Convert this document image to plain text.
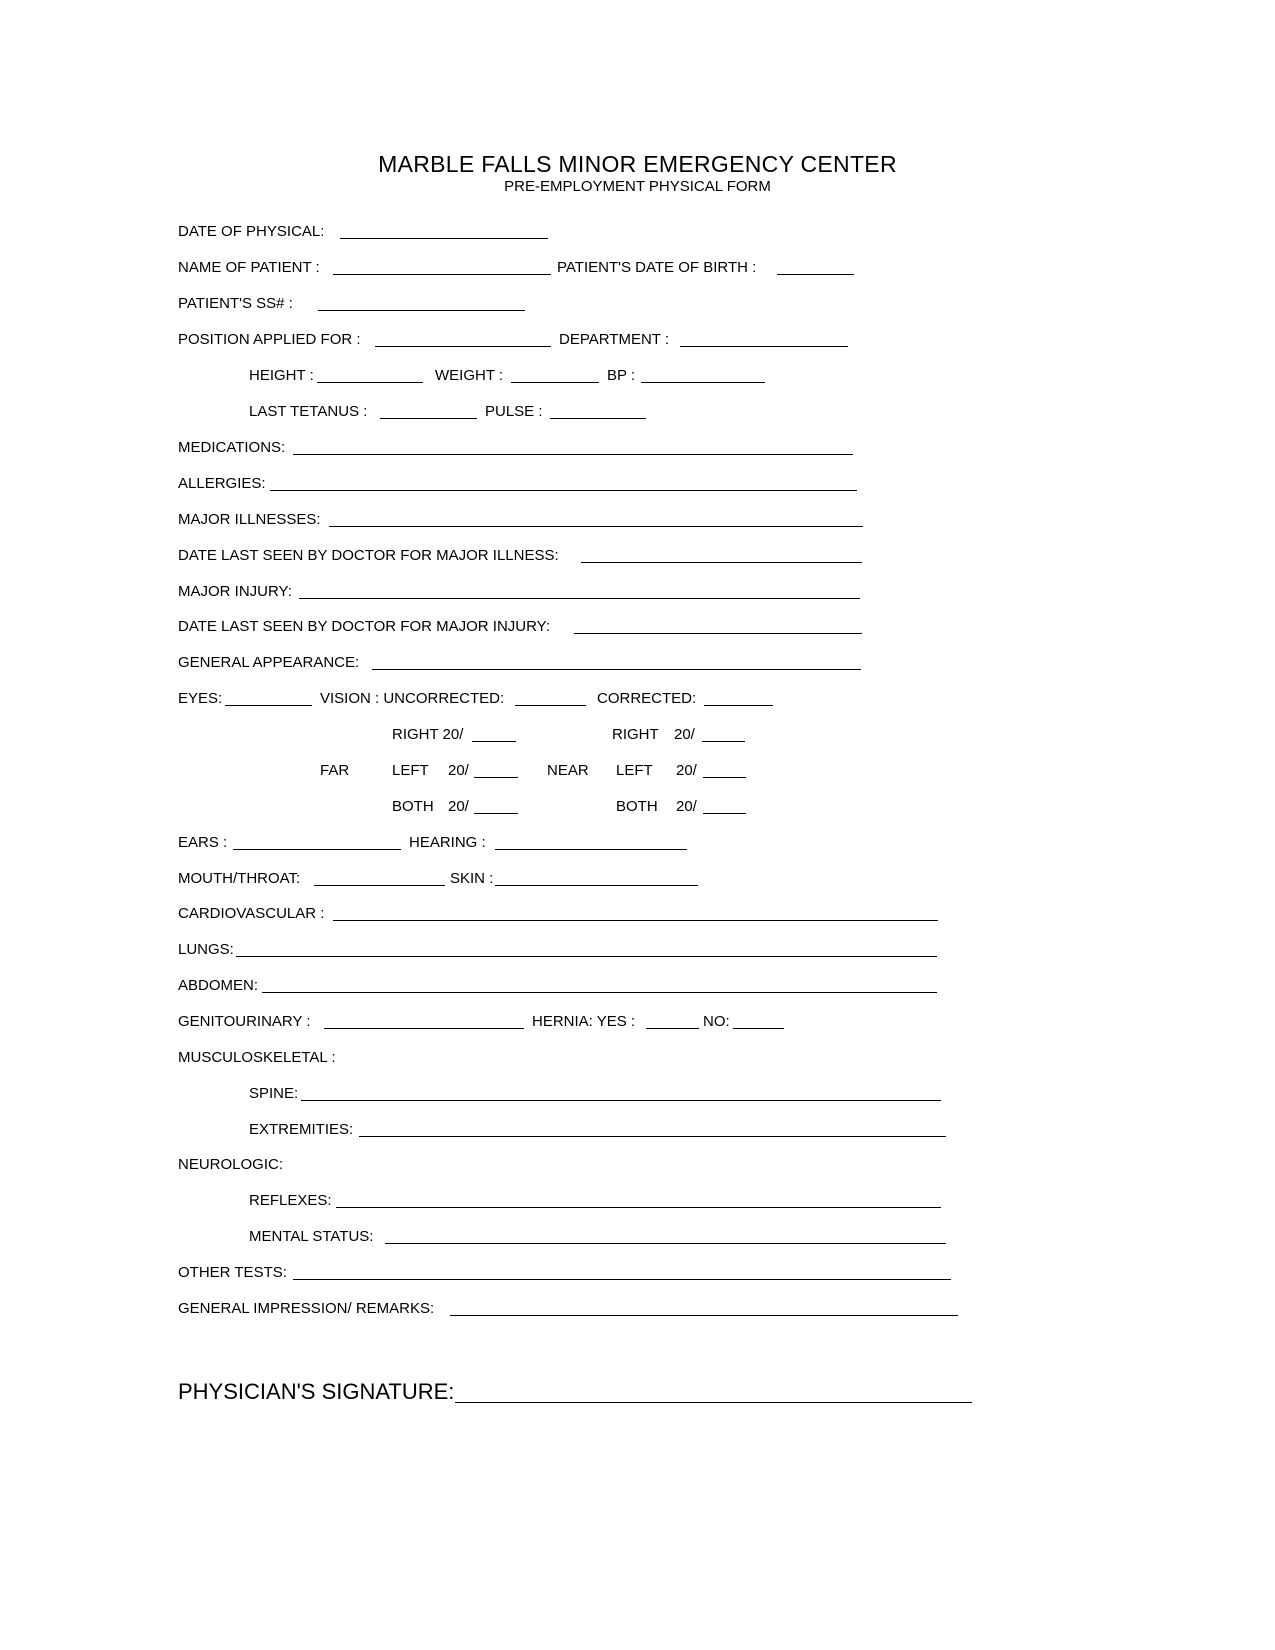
MARBLE FALLS MINOR EMERGENCY CENTER
PRE-EMPLOYMENT PHYSICAL FORM
DATE OF PHYSICAL:
NAME OF PATIENT :	PATIENT'S DATE OF BIRTH :
PATIENT'S SS# :
POSITION APPLIED FOR :	DEPARTMENT :
HEIGHT :	WEIGHT :	BP :
LAST TETANUS :	PULSE :
MEDICATIONS:
ALLERGIES:
MAJOR ILLNESSES:
DATE LAST SEEN BY DOCTOR FOR MAJOR ILLNESS:
MAJOR INJURY:
DATE LAST SEEN BY DOCTOR FOR MAJOR INJURY:
GENERAL APPEARANCE:
EYES:	VISION : UNCORRECTED:	CORRECTED:
RIGHT 20/	RIGHT 20/
FAR	LEFT 20/	NEAR LEFT 20/
BOTH 20/	BOTH 20/
EARS :	HEARING :
MOUTH/THROAT:	SKIN :
CARDIOVASCULAR :
LUNGS:
ABDOMEN:
GENITOURINARY :	HERNIA: YES :	NO:
MUSCULOSKELETAL :
SPINE:
EXTREMITIES:
NEUROLOGIC:
REFLEXES:
MENTAL STATUS:
OTHER TESTS:
GENERAL IMPRESSION/ REMARKS:
PHYSICIAN'S SIGNATURE:
